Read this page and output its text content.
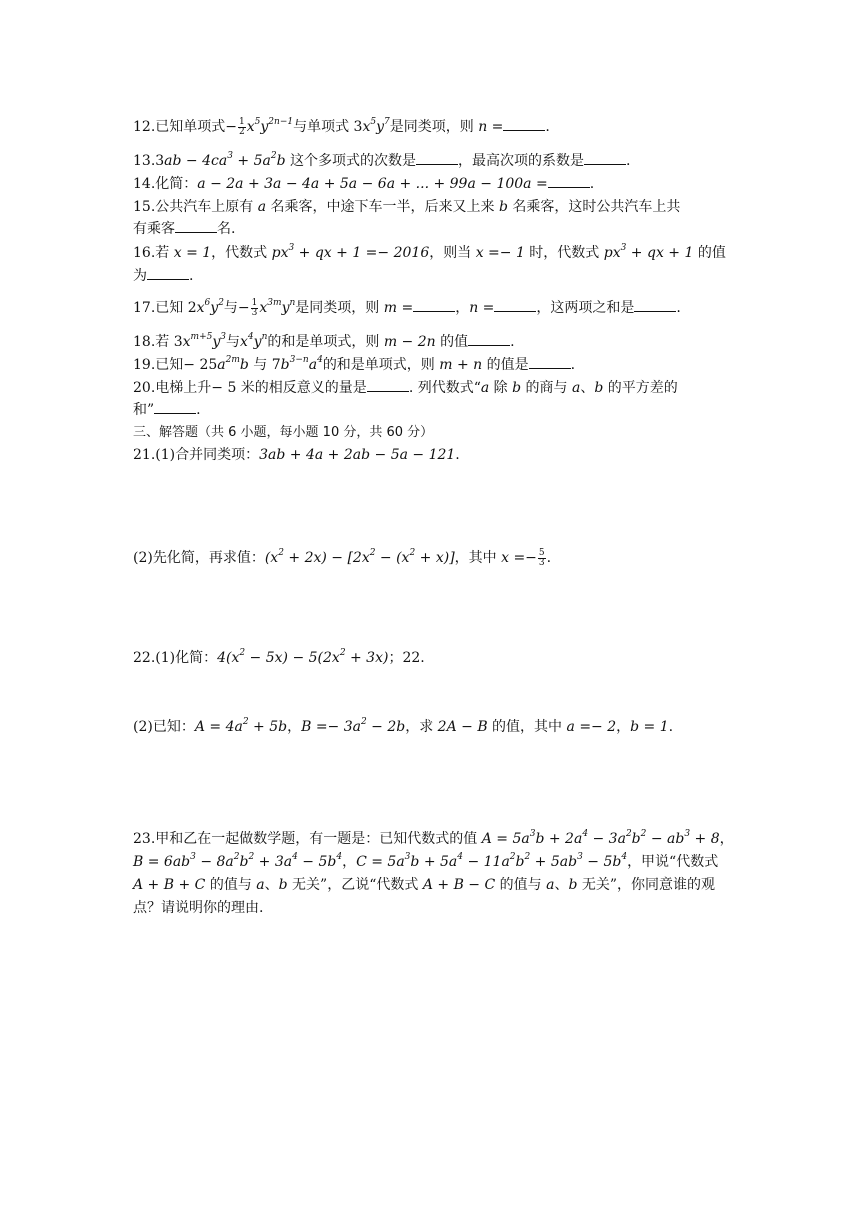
12.已知单项式− $\frac{1}{2} x^5y^{2n-1}$与单项式 $3x^5y^7$是同类项，则 n =	.
$13.3ab - 4ca^3 + 5a^2b$ 这个多项式的次数是	，最高次项的系数是	.
14.化简：a − 2a + 3a − 4a + 5a − 6a + ... + 99a − 100a =	.
15.公共汽车上原有 a 名乘客，中途下车一半，后来又上来 b 名乘客，这时公共汽车上共
有乘客	名.
16.若 x = 1，代数式 $px^3$ + qx + 1 =− 2016，则当 x =− 1 时，代数式 $px^3$ + qx + 1 的值
为	.
17.已知 $2x^6y^2$与− $\frac{1}{3} x^{3m}y^n$是同类项，则 m =	，n =	，这两项之和是	.
18.若 $3x^{m+5}y^3$与$x^4y^n$的和是单项式，则 m − 2n 的值	.
19.已知− $25a^{2m}b$ 与 $7b^{3-n}a^4$的和是单项式，则 m + n 的值是	.
20.电梯上升− 5 米的相反意义的量是	. 列代数式“a 除 b 的商与 a、b 的平方差的
和”	.
三、解答题（共 6 小题，每小题 10 分，共 60 分）
21.(1)合并同类项：3ab + 4a + 2ab − 5a − 121.
(2)先化简，再求值：$(x^2 + 2x) - [2x^2 - (x^2 + x)]$，其中 $x =- \frac{5}{3}$ .
22.(1)化简：$4(x^2 - 5x) - 5(2x^2 + 3x)$；22.
(2)已知：$A = 4a^2 + 5b$，$B =- 3a^2 - 2b$，求 2A − B 的值，其中 a =− 2，b = 1.
23.甲和乙在一起做数学题，有一题是：已知代数式的值 $A = 5a^3b + 2a^4 - 3a^2b^2 - ab^3 + 8$，
$B = 6ab^3 - 8a^2b^2 + 3a^4 - 5b^4$，$C = 5a^3b + 5a^4 - 11a^2b^2 + 5ab^3 - 5b^4$，甲说“代数式
A + B + C 的值与 a、b 无关”，乙说“代数式 A + B − C 的值与 a、b 无关”，你同意谁的观
点？请说明你的理由.
